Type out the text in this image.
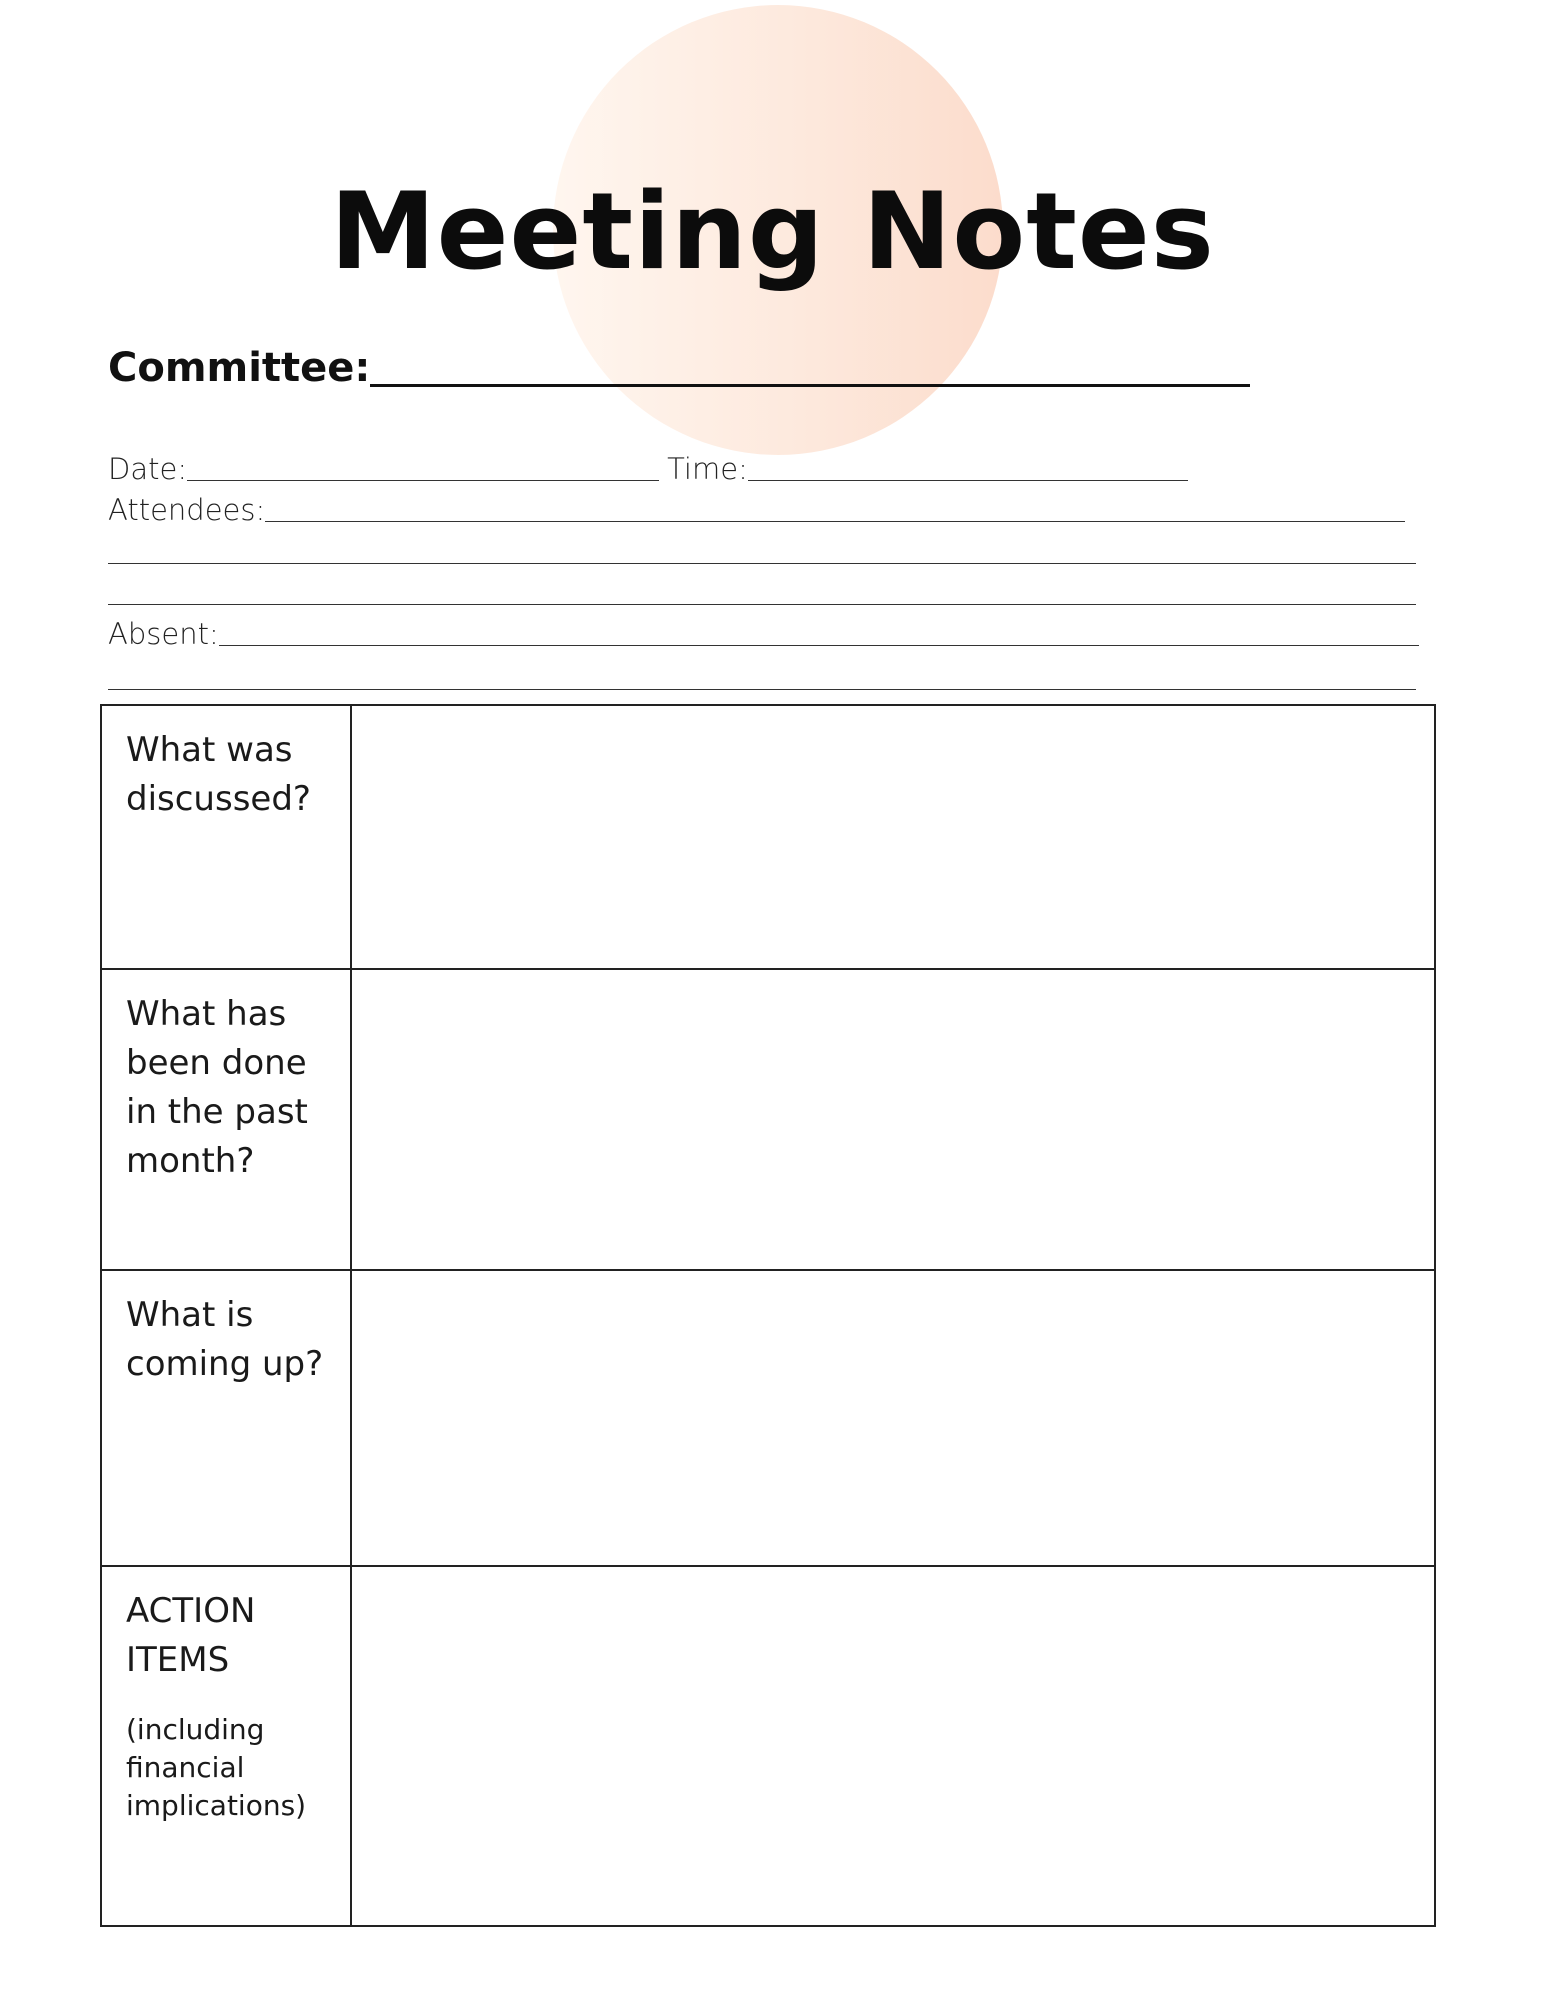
Meeting Notes
Committee:
Date:	Time:
Attendees:
Absent:
What was discussed?	

What has been done in the past month?	

What is coming up?	

ACTION ITEMS
(including financial implications)	
